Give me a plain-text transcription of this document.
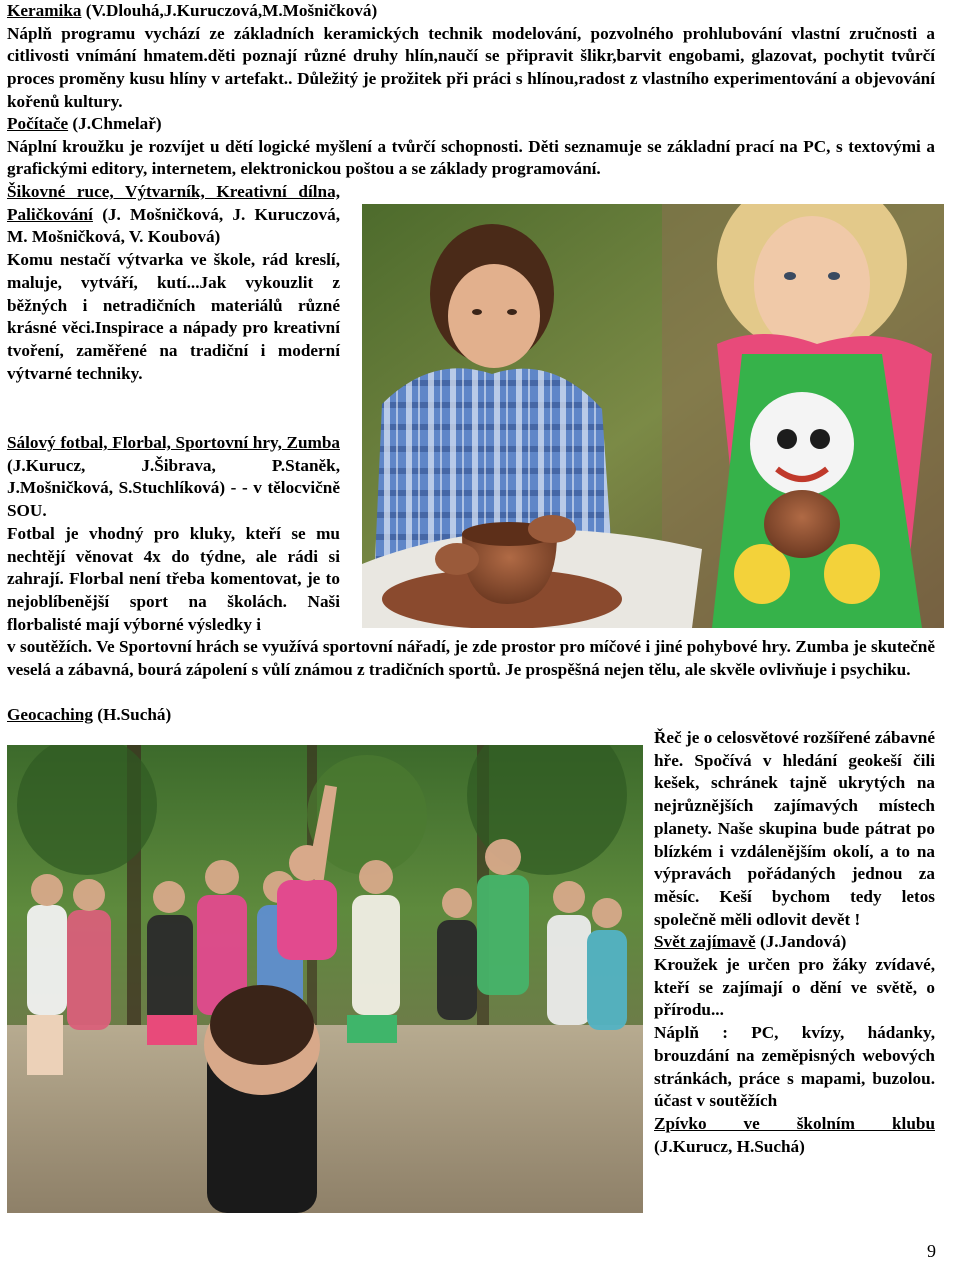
Keramika (V.Dlouhá,J.Kuruczová,M.Mošničková)
Náplň programu vychází ze základních keramických technik modelování, pozvolného prohlubování vlastní zručnosti a citlivosti vnímání hmatem.děti poznají různé druhy hlín,naučí se připravit šlikr,barvit engobami, glazovat, pochytit tvůrčí proces proměny kusu hlíny v artefakt.. Důležitý je prožitek při práci s hlínou,radost z vlastního experimentování a objevování kořenů kultury.
Počítače (J.Chmelař)
Náplní kroužku je rozvíjet u dětí logické myšlení a tvůrčí schopnosti. Děti seznamuje se základní prací na PC, s textovými a grafickými editory, internetem, elektronickou poštou a se základy programování.
Šikovné ruce, Výtvarník, Kreativní dílna, Paličkování (J. Mošničková, J. Kuruczová, M. Mošničková, V. Koubová)
Komu nestačí výtvarka ve škole, rád kreslí, maluje, vytváří, kutí...Jak vykouzlit z běžných i netradičních materiálů různé krásné věci.Inspirace a nápady pro kreativní tvoření, zaměřené na tradiční i moderní výtvarné techniky.
Sálový fotbal, Florbal, Sportovní hry, Zumba (J.Kurucz, J.Šibrava, P.Staněk, J.Mošničková, S.Stuchlíková) - - v tělocvičně SOU.
Fotbal je vhodný pro kluky, kteří se mu nechtějí věnovat 4x do týdne, ale rádi si zahrají. Florbal není třeba komentovat, je to nejoblíbenější sport na školách. Naši florbalisté mají výborné výsledky i
v soutěžích. Ve Sportovní hrách se využívá sportovní nářadí, je zde prostor pro míčové i jiné pohybové hry. Zumba je skutečně veselá a zábavná, bourá zápolení s vůlí známou z tradičních sportů. Je prospěšná nejen tělu, ale skvěle ovlivňuje i psychiku.
Geocaching (H.Suchá)

Řeč je o celosvětové rozšířené zábavné hře. Spočívá v hledání geokeší čili kešek, schránek tajně ukrytých na nejrůznějších zajímavých místech planety. Naše skupina bude pátrat po blízkém i vzdálenějším okolí, a to na výpravách pořádaných jednou za měsíc. Keší bychom tedy letos společně měli odlovit devět !

Svět zajímavě (J.Jandová)

Kroužek je určen pro žáky zvídavé, kteří se zajímají o dění ve světě, o přírodu...

Náplň : PC, kvízy, hádanky, brouzdání na zeměpisných webových stránkách, práce s mapami, buzolou. účast v soutěžích

Zpívko ve školním klubu

(J.Kurucz, H.Suchá)

9
